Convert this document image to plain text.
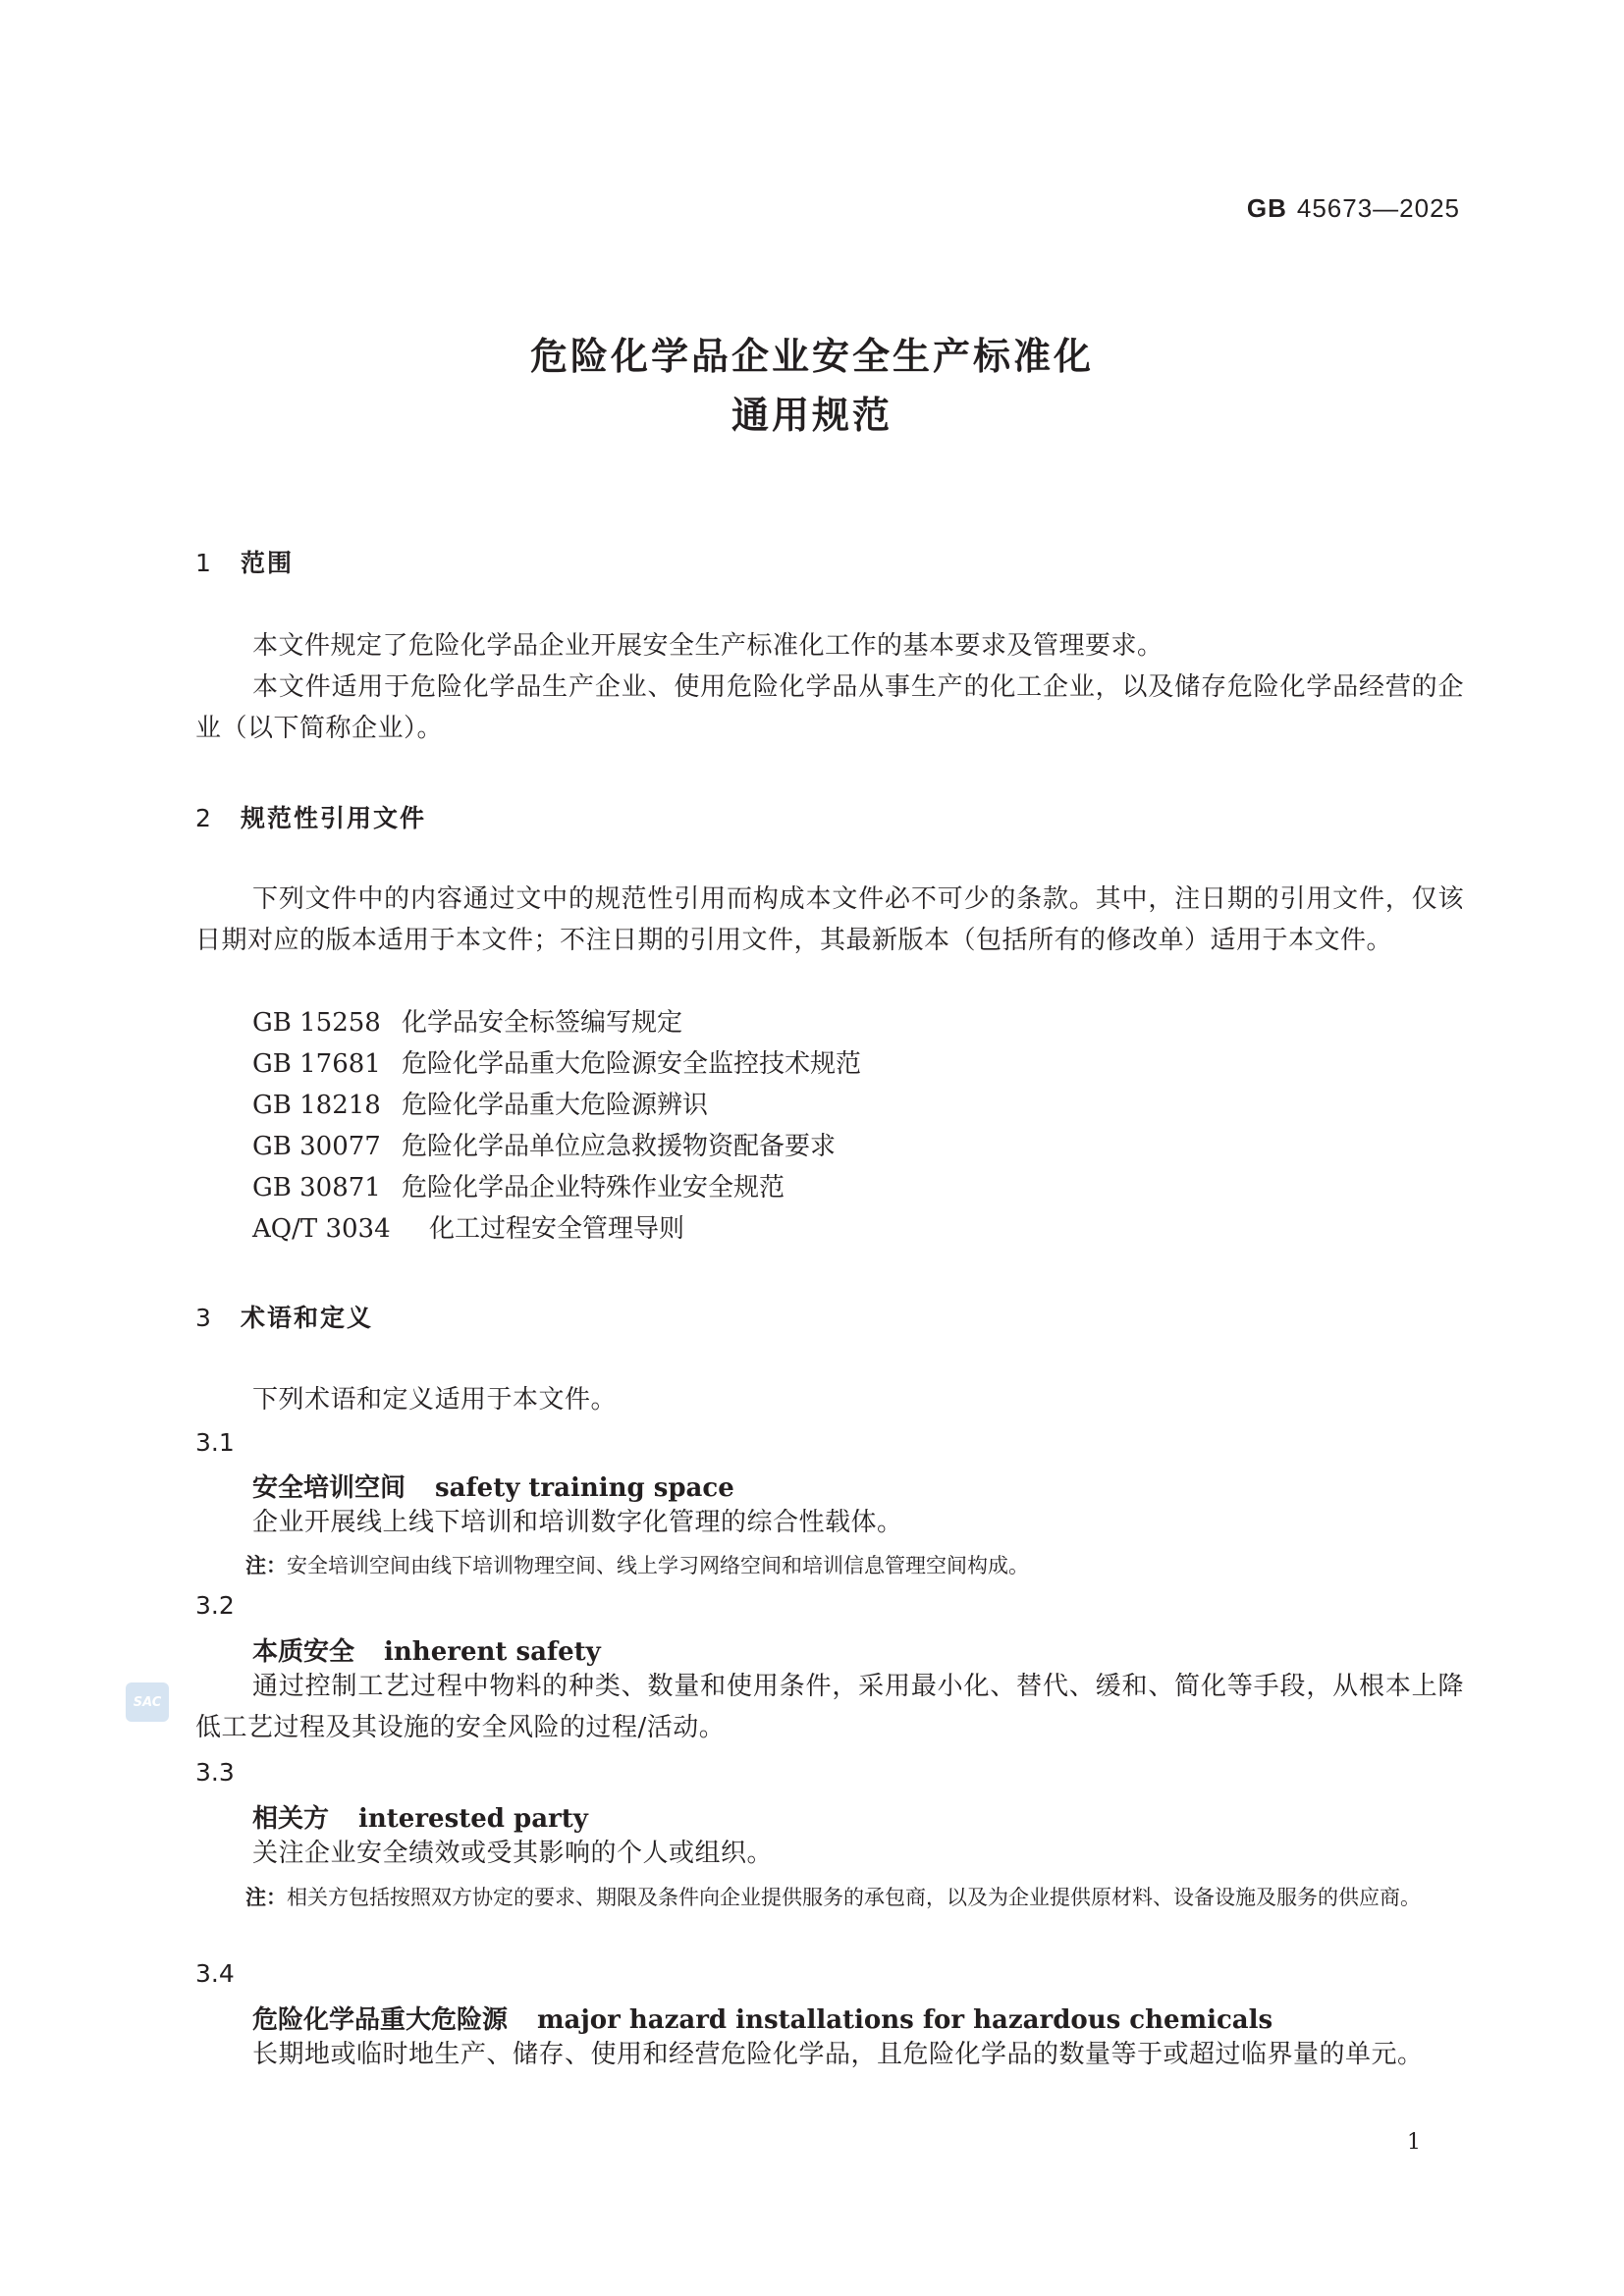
GB 45673—2025
危险化学品企业安全生产标准化
通用规范
1 范围

本文件规定了危险化学品企业开展安全生产标准化工作的基本要求及管理要求。

本文件适用于危险化学品生产企业、使用危险化学品从事生产的化工企业，以及储存危险化学品经营的企业（以下简称企业）。

2 规范性引用文件

下列文件中的内容通过文中的规范性引用而构成本文件必不可少的条款。其中，注日期的引用文件，仅该日期对应的版本适用于本文件；不注日期的引用文件，其最新版本（包括所有的修改单）适用于本文件。

GB 15258 化学品安全标签编写规定
GB 17681 危险化学品重大危险源安全监控技术规范
GB 18218 危险化学品重大危险源辨识
GB 30077 危险化学品单位应急救援物资配备要求
GB 30871 危险化学品企业特殊作业安全规范
AQ/T 3034 化工过程安全管理导则
3 术语和定义

下列术语和定义适用于本文件。

3.1
安全培训空间 safety training space

企业开展线上线下培训和培训数字化管理的综合性载体。

注：安全培训空间由线下培训物理空间、线上学习网络空间和培训信息管理空间构成。

3.2
本质安全 inherent safety

通过控制工艺过程中物料的种类、数量和使用条件，采用最小化、替代、缓和、简化等手段，从根本上降低工艺过程及其设施的安全风险的过程/活动。

3.3
相关方 interested party

关注企业安全绩效或受其影响的个人或组织。

注：相关方包括按照双方协定的要求、期限及条件向企业提供服务的承包商，以及为企业提供原材料、设备设施及服务的供应商。

3.4
危险化学品重大危险源 major hazard installations for hazardous chemicals

长期地或临时地生产、储存、使用和经营危险化学品，且危险化学品的数量等于或超过临界量的单元。

SAC
1
